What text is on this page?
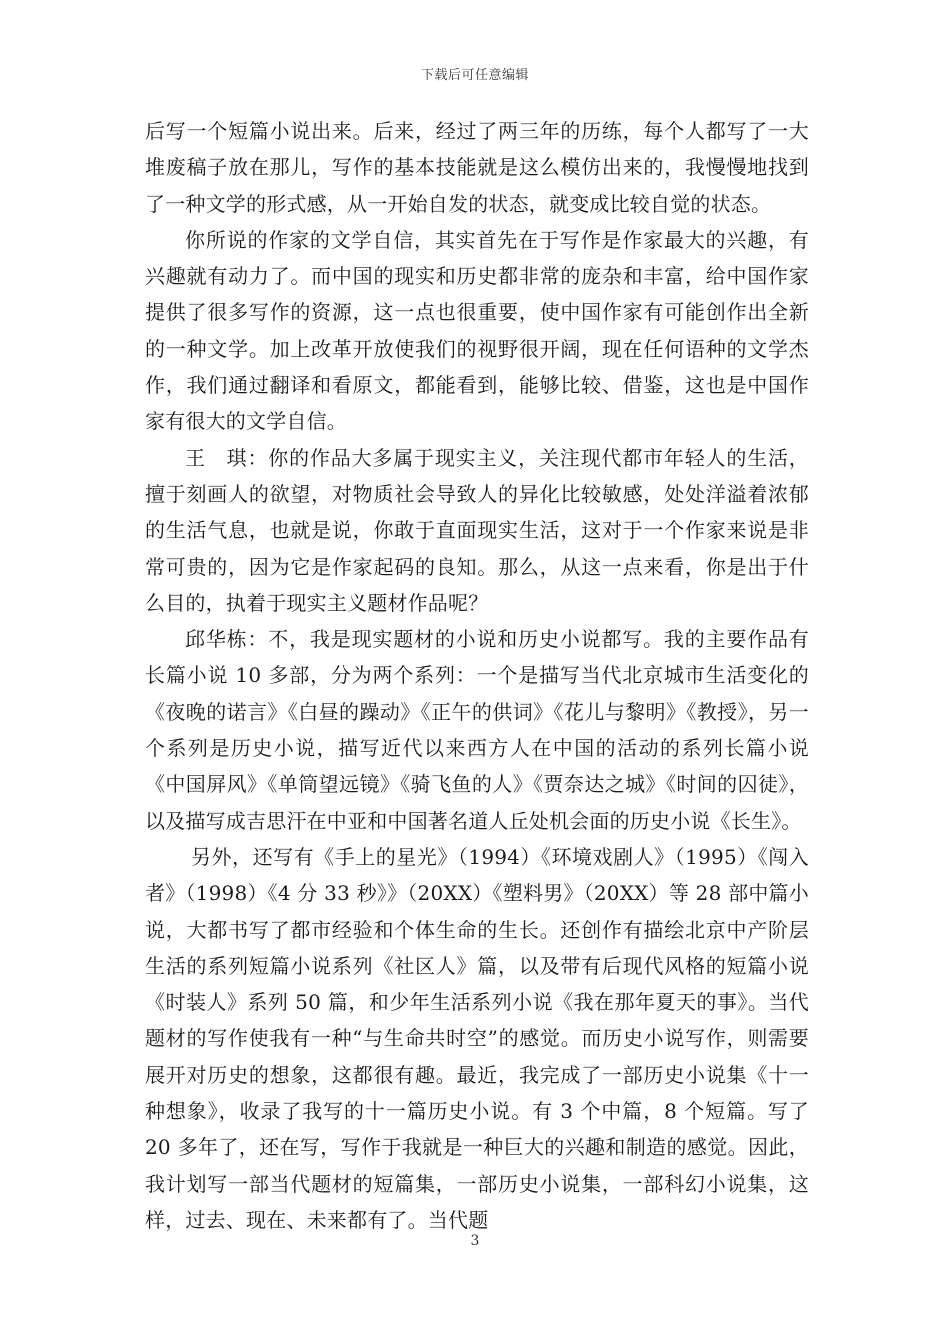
下载后可任意编辑

后写一个短篇小说出来。后来，经过了两三年的历练，每个人都写了一大堆废稿子放在那儿，写作的基本技能就是这么模仿出来的，我慢慢地找到了一种文学的形式感，从一开始自发的状态，就变成比较自觉的状态。

你所说的作家的文学自信，其实首先在于写作是作家最大的兴趣，有兴趣就有动力了。而中国的现实和历史都非常的庞杂和丰富，给中国作家提供了很多写作的资源，这一点也很重要，使中国作家有可能创作出全新的一种文学。加上改革开放使我们的视野很开阔，现在任何语种的文学杰作，我们通过翻译和看原文，都能看到，能够比较、借鉴，这也是中国作家有很大的文学自信。

王　琪：你的作品大多属于现实主义，关注现代都市年轻人的生活，擅于刻画人的欲望，对物质社会导致人的异化比较敏感，处处洋溢着浓郁的生活气息，也就是说，你敢于直面现实生活，这对于一个作家来说是非常可贵的，因为它是作家起码的良知。那么，从这一点来看，你是出于什么目的，执着于现实主义题材作品呢？

邱华栋：不，我是现实题材的小说和历史小说都写。我的主要作品有长篇小说 10 多部，分为两个系列：一个是描写当代北京城市生活变化的《夜晚的诺言》《白昼的躁动》《正午的供词》《花儿与黎明》《教授》，另一个系列是历史小说，描写近代以来西方人在中国的活动的系列长篇小说《中国屏风》《单筒望远镜》《骑飞鱼的人》《贾奈达之城》《时间的囚徒》，以及描写成吉思汗在中亚和中国著名道人丘处机会面的历史小说《长生》。

另外，还写有《手上的星光》（1994）《环境戏剧人》（1995）《闯入者》（1998）《4 分 33 秒》》（20XX）《塑料男》（20XX）等 28 部中篇小说，大都书写了都市经验和个体生命的生长。还创作有描绘北京中产阶层生活的系列短篇小说系列《社区人》篇，以及带有后现代风格的短篇小说《时装人》系列 50 篇，和少年生活系列小说《我在那年夏天的事》。当代题材的写作使我有一种“与生命共时空”的感觉。而历史小说写作，则需要展开对历史的想象，这都很有趣。最近，我完成了一部历史小说集《十一种想象》，收录了我写的十一篇历史小说。有 3 个中篇，8 个短篇。写了 20 多年了，还在写，写作于我就是一种巨大的兴趣和制造的感觉。因此，我计划写一部当代题材的短篇集，一部历史小说集，一部科幻小说集，这样，过去、现在、未来都有了。当代题

3
